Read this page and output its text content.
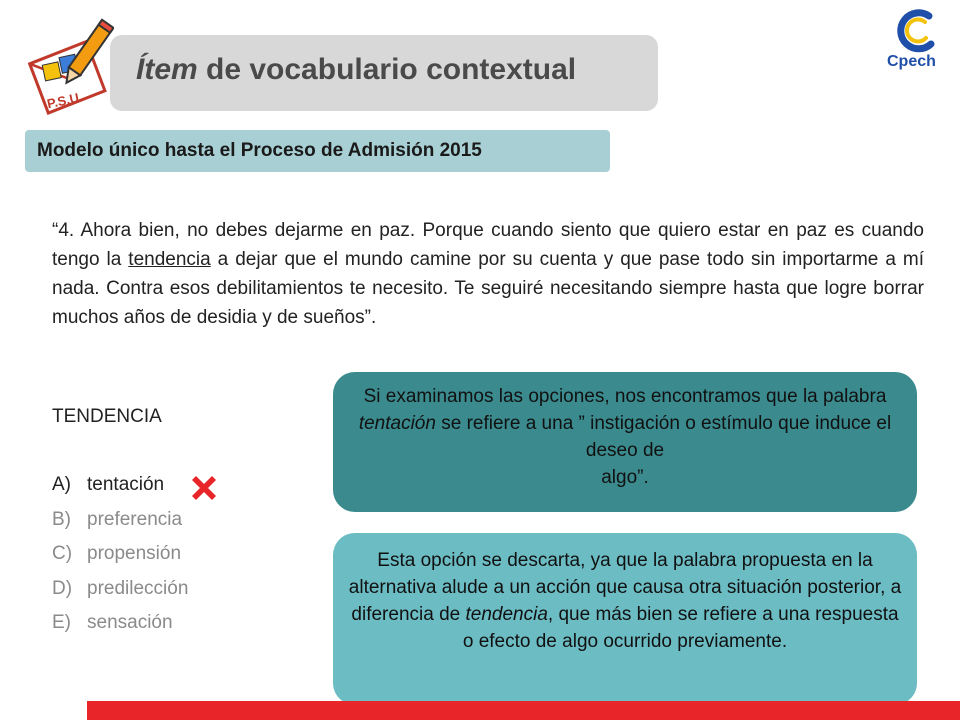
P.S.U.
Ítem de vocabulario contextual	Cpech
Modelo único hasta el Proceso de Admisión 2015
“4. Ahora bien, no debes dejarme en paz. Porque cuando siento que quiero estar en paz es cuando tengo la tendencia a dejar que el mundo camine por su cuenta y que pase todo sin importarme a mí nada. Contra esos debilitamientos te necesito. Te seguiré necesitando siempre hasta que logre borrar muchos años de desidia y de sueños”.
TENDENCIA
A) tentación
B) preferencia
C) propensión
D) predilección
E) sensación
Si examinamos las opciones, nos encontramos que la palabra tentación se refiere a una ” instigación o estímulo que induce el deseo de
algo”.
Esta opción se descarta, ya que la palabra propuesta en la alternativa alude a un acción que causa otra situación posterior, a diferencia de tendencia, que más bien se refiere a una respuesta o efecto de algo ocurrido previamente.
